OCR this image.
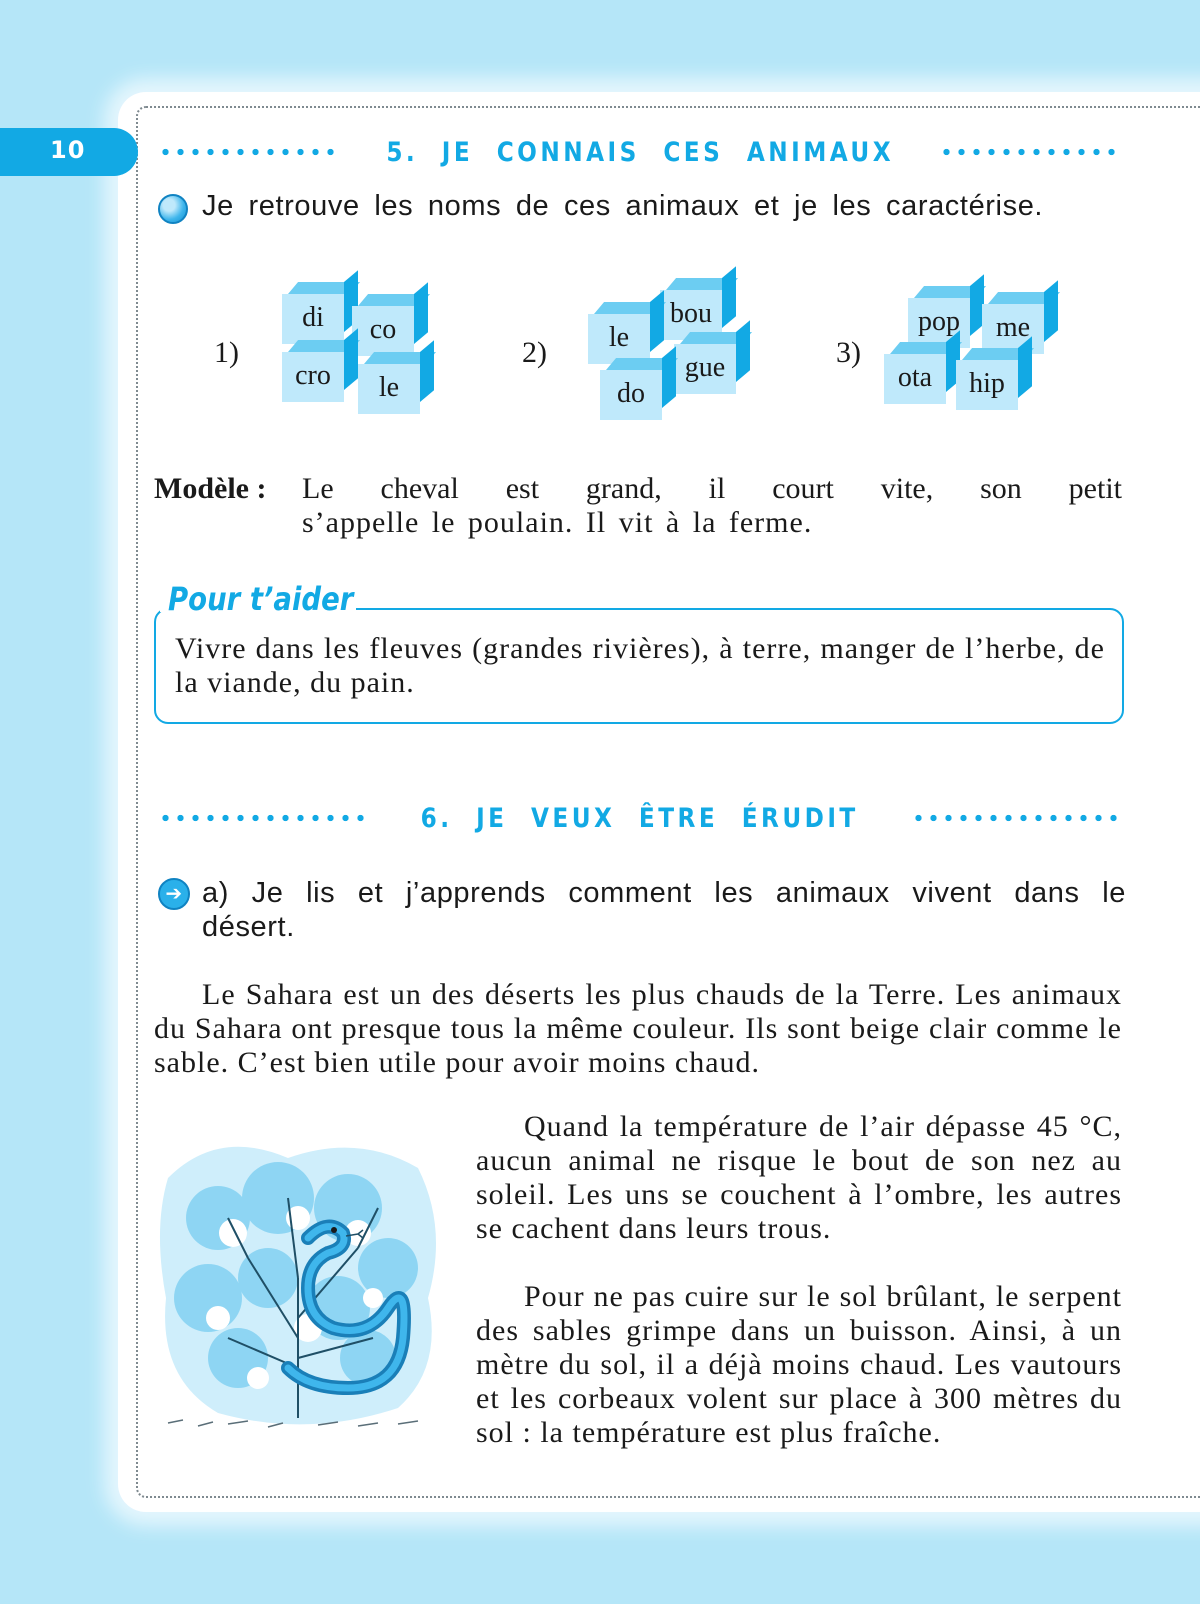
10	5. JE CONNAIS CES ANIMAUX
Je retrouve les noms de ces animaux et je les caractérise.
1)
di	co
cro	le
2)
bou
le
gue
do
3)
pop	me
ota	hip
Modèle : Le cheval est grand, il court vite, son petit
s’appelle le poulain. Il vit à la ferme.
Pour t’aider
Vivre dans les fleuves (grandes rivières), à terre, manger de l’herbe, de la viande, du pain.
6. JE VEUX ÊTRE ÉRUDIT
➔ a) Je lis et j’apprends comment les animaux vivent dans le désert.
Le Sahara est un des déserts les plus chauds de la Terre. Les animaux du Sahara ont presque tous la même couleur. Ils sont beige clair comme le sable. C’est bien utile pour avoir moins chaud.
Quand la température de l’air dépasse 45 °C, aucun animal ne risque le bout de son nez au soleil. Les uns se couchent à l’ombre, les autres se cachent dans leurs trous.
Pour ne pas cuire sur le sol brûlant, le serpent des sables grimpe dans un buisson. Ainsi, à un mètre du sol, il a déjà moins chaud. Les vautours et les corbeaux volent sur place à 300 mètres du sol : la température est plus fraîche.
